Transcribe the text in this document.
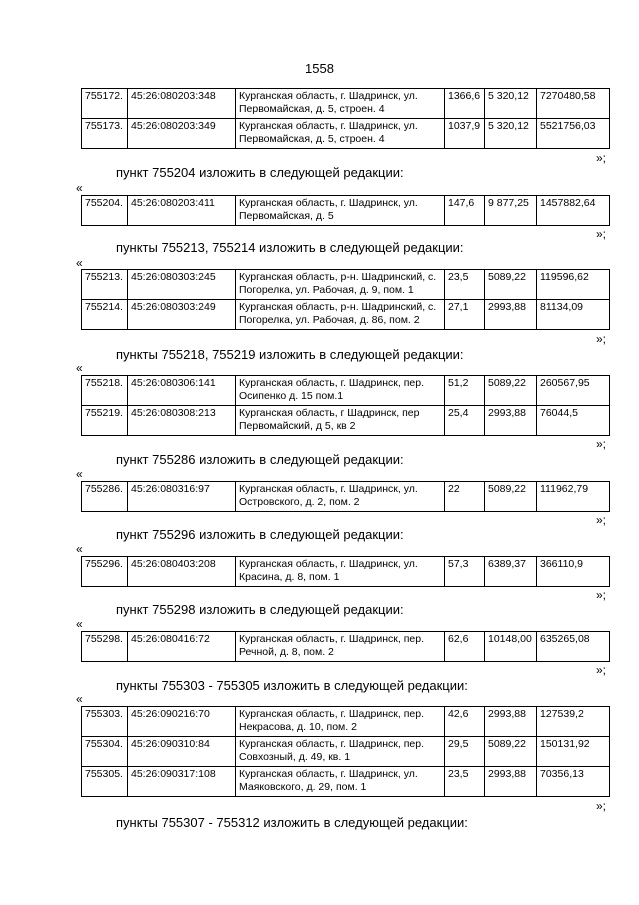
1558
755172.	45:26:080203:348	Курганская область, г. Шадринск, ул. Первомайская, д. 5, строен. 4	1366,6	5 320,12	7270480,58
755173.	45:26:080203:349	Курганская область, г. Шадринск, ул. Первомайская, д. 5, строен. 4	1037,9	5 320,12	5521756,03
»;
пункт 755204 изложить в следующей редакции:
«
755204.	45:26:080203:411	Курганская область, г. Шадринск, ул. Первомайская, д. 5	147,6	9 877,25	1457882,64
»;
пункты 755213, 755214 изложить в следующей редакции:
«
755213.	45:26:080303:245	Курганская область, р-н. Шадринский, с. Погорелка, ул. Рабочая, д. 9, пом. 1	23,5	5089,22	119596,62
755214.	45:26:080303:249	Курганская область, р-н. Шадринский, с. Погорелка, ул. Рабочая, д. 86, пом. 2	27,1	2993,88	81134,09
»;
пункты 755218, 755219 изложить в следующей редакции:
«
755218.	45:26:080306:141	Курганская область, г. Шадринск, пер. Осипенко д. 15 пом.1	51,2	5089,22	260567,95
755219.	45:26:080308:213	Курганская область, г Шадринск, пер Первомайский, д 5, кв 2	25,4	2993,88	76044,5
»;
пункт 755286 изложить в следующей редакции:
«
755286.	45:26:080316:97	Курганская область, г. Шадринск, ул. Островского, д. 2, пом. 2	22	5089,22	111962,79
»;
пункт 755296 изложить в следующей редакции:
«
755296.	45:26:080403:208	Курганская область, г. Шадринск, ул. Красина, д. 8, пом. 1	57,3	6389,37	366110,9
»;
пункт 755298 изложить в следующей редакции:
«
755298.	45:26:080416:72	Курганская область, г. Шадринск, пер. Речной, д. 8, пом. 2	62,6	10148,00	635265,08
»;
пункты 755303 - 755305 изложить в следующей редакции:
«
755303.	45:26:090216:70	Курганская область, г. Шадринск, пер. Некрасова, д. 10, пом. 2	42,6	2993,88	127539,2
755304.	45:26:090310:84	Курганская область, г. Шадринск, пер. Совхозный, д. 49, кв. 1	29,5	5089,22	150131,92
755305.	45:26:090317:108	Курганская область, г. Шадринск, ул. Маяковского, д. 29, пом. 1	23,5	2993,88	70356,13
»;
пункты 755307 - 755312 изложить в следующей редакции:
